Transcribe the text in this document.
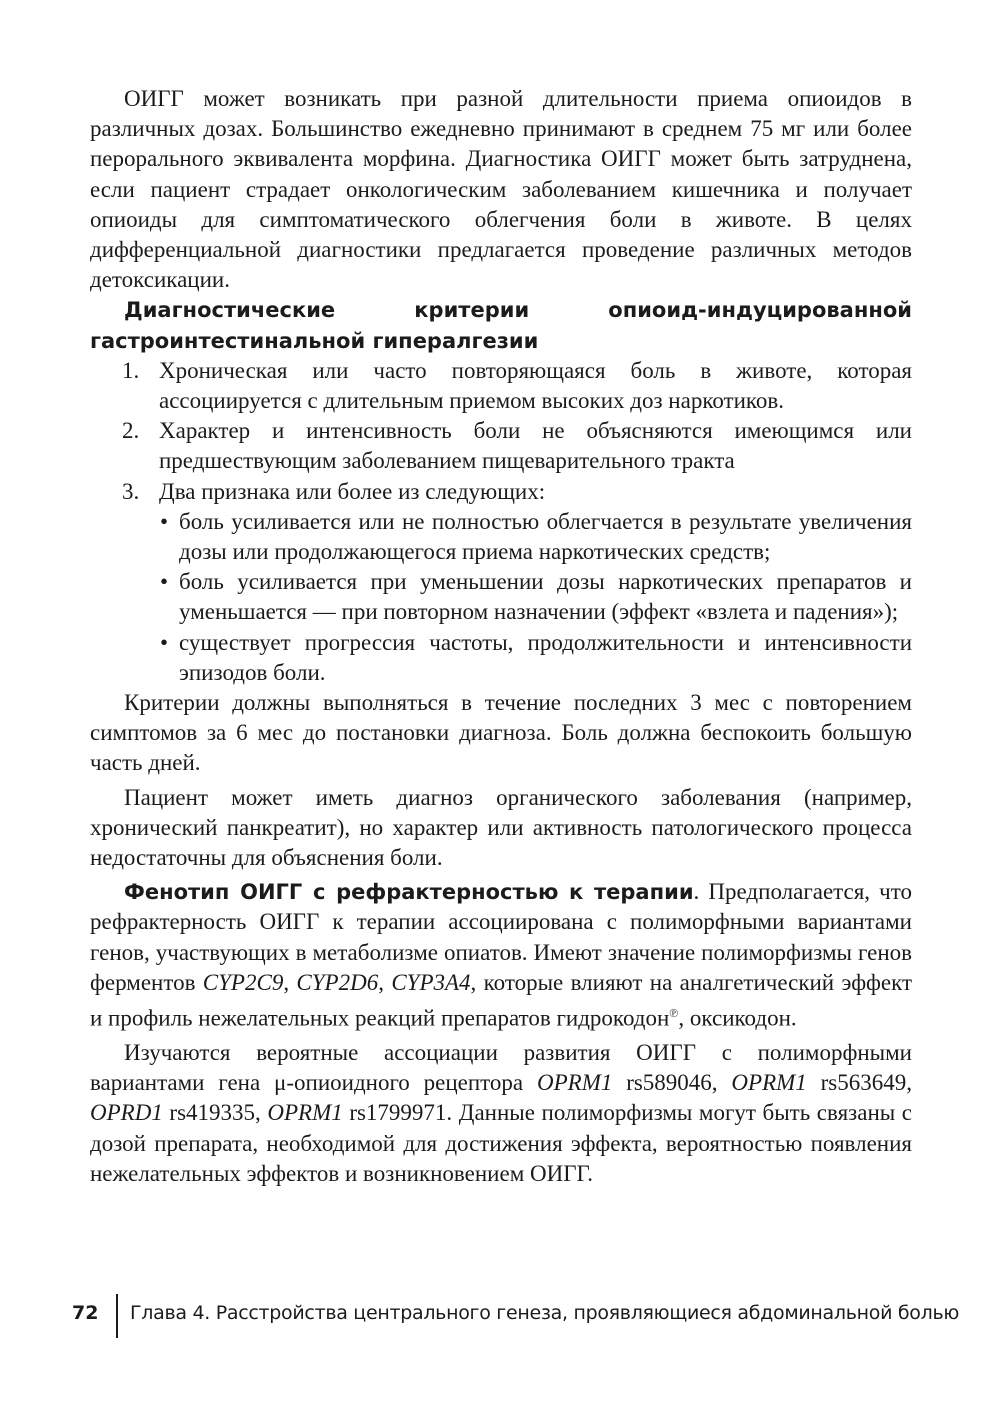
ОИГГ может возникать при разной длительности приема опиоидов в различных дозах. Большинство ежедневно принимают в среднем 75 мг или более перорального эквивалента морфина. Диагностика ОИГГ может быть затруднена, если пациент страдает онкологическим заболеванием кишечника и получает опиоиды для симптоматического облегчения боли в животе. В целях дифференциальной диагностики предлагается проведение различных методов детоксикации.

Диагностические критерии опиоид-индуцированной гастроинтестинальной гипералгезии

1. Хроническая или часто повторяющаяся боль в животе, которая ассоциируется с длительным приемом высоких доз наркотиков.
2. Характер и интенсивность боли не объясняются имеющимся или предшествующим заболеванием пищеварительного тракта
3. Два признака или более из следующих:
• боль усиливается или не полностью облегчается в результате увеличения дозы или продолжающегося приема наркотических средств;
• боль усиливается при уменьшении дозы наркотических препаратов и уменьшается — при повторном назначении (эффект «взлета и падения»);
• существует прогрессия частоты, продолжительности и интенсивности эпизодов боли.

Критерии должны выполняться в течение последних 3 мес с повторением симптомов за 6 мес до постановки диагноза. Боль должна беспокоить большую часть дней.

Пациент может иметь диагноз органического заболевания (например, хронический панкреатит), но характер или активность патологического процесса недостаточны для объяснения боли.

Фенотип ОИГГ с рефрактерностью к терапии. Предполагается, что рефрактерность ОИГГ к терапии ассоциирована с полиморфными вариантами генов, участвующих в метаболизме опиатов. Имеют значение полиморфизмы генов ферментов CYP2C9, CYP2D6, CYP3A4, которые влияют на аналгетический эффект и профиль нежелательных реакций препаратов гидрокодон℗, оксикодон.

Изучаются вероятные ассоциации развития ОИГГ с полиморфными вариантами гена μ-опиоидного рецептора OPRM1 rs589046, OPRM1 rs563649, OPRD1 rs419335, OPRM1 rs1799971. Данные полиморфизмы могут быть связаны с дозой препарата, необходимой для достижения эффекта, вероятностью появления нежелательных эффектов и возникновением ОИГГ.

72 Глава 4. Расстройства центрального генеза, проявляющиеся абдоминальной болью
